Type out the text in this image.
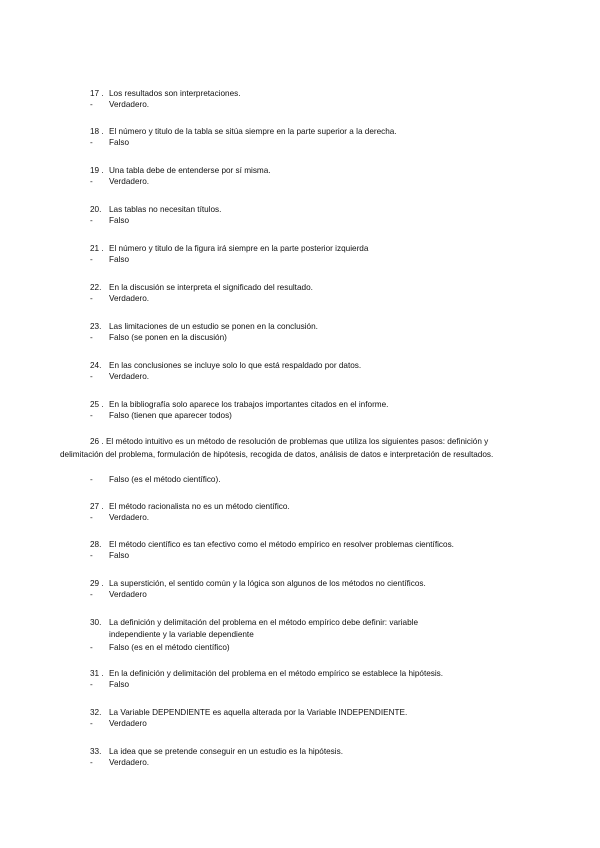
17 . Los resultados son interpretaciones.
- Verdadero.
18 . El número y titulo de la tabla se sitúa siempre en la parte superior a la derecha.
- Falso
19 . Una tabla debe de entenderse por sí misma.
- Verdadero.
20. Las tablas no necesitan títulos.
- Falso
21 . El número y titulo de la figura irá siempre en la parte posterior izquierda
- Falso
22. En la discusión se interpreta el significado del resultado.
- Verdadero.
23. Las limitaciones de un estudio se ponen en la conclusión.
- Falso (se ponen en la discusión)
24. En las conclusiones se incluye solo lo que está respaldado por datos.
- Verdadero.
25 . En la bibliografía solo aparece los trabajos importantes citados en el informe.
- Falso (tienen que aparecer todos)
26 . El método intuitivo es un método de resolución de problemas que utiliza los siguientes pasos: definición y delimitación del problema, formulación de hipótesis, recogida de datos, análisis de datos e interpretación de resultados.
- Falso (es el método científico).
27 . El método racionalista no es un método científico.
- Verdadero.
28. El método científico es tan efectivo como el método empírico en resolver problemas científicos.
- Falso
29 . La superstición, el sentido común y la lógica son algunos de los métodos no científicos.
- Verdadero
30. La definición y delimitación del problema en el método empírico debe definir: variable
independiente y la variable dependiente
- Falso (es en el método científico)
31 . En la definición y delimitación del problema en el método empírico se establece la hipótesis.
- Falso
32. La Variable DEPENDIENTE es aquella alterada por la Variable INDEPENDIENTE.
- Verdadero
33. La idea que se pretende conseguir en un estudio es la hipótesis.
- Verdadero.
